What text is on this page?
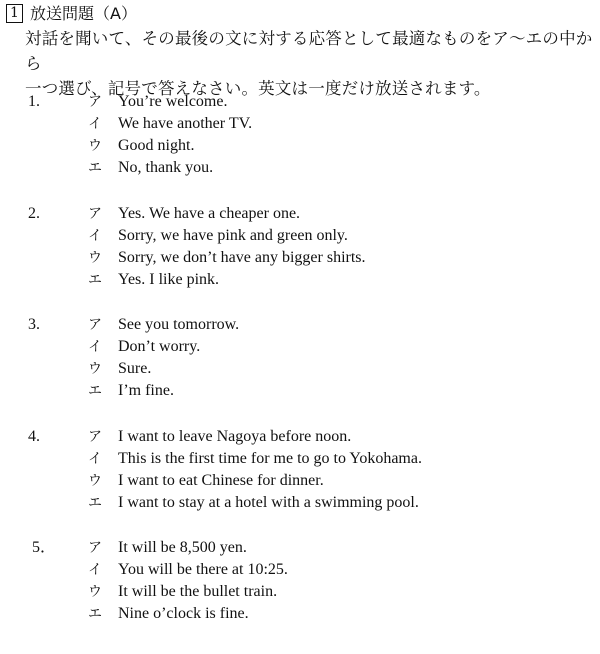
1 放送問題（A）
対話を聞いて、その最後の文に対する応答として最適なものをア〜エの中から
一つ選び、記号で答えなさい。英文は一度だけ放送されます。
1.	ア You’re welcome.
イ We have another TV.
ウ Good night.
エ No, thank you.
2.	ア Yes. We have a cheaper one.
イ Sorry, we have pink and green only.
ウ Sorry, we don’t have any bigger shirts.
エ Yes. I like pink.
3.	ア See you tomorrow.
イ Don’t worry.
ウ Sure.
エ I’m fine.
4.	ア I want to leave Nagoya before noon.
イ This is the first time for me to go to Yokohama.
ウ I want to eat Chinese for dinner.
エ I want to stay at a hotel with a swimming pool.
5． ア It will be 8,500 yen.
イ You will be there at 10:25.
ウ It will be the bullet train.
エ Nine o’clock is fine.
